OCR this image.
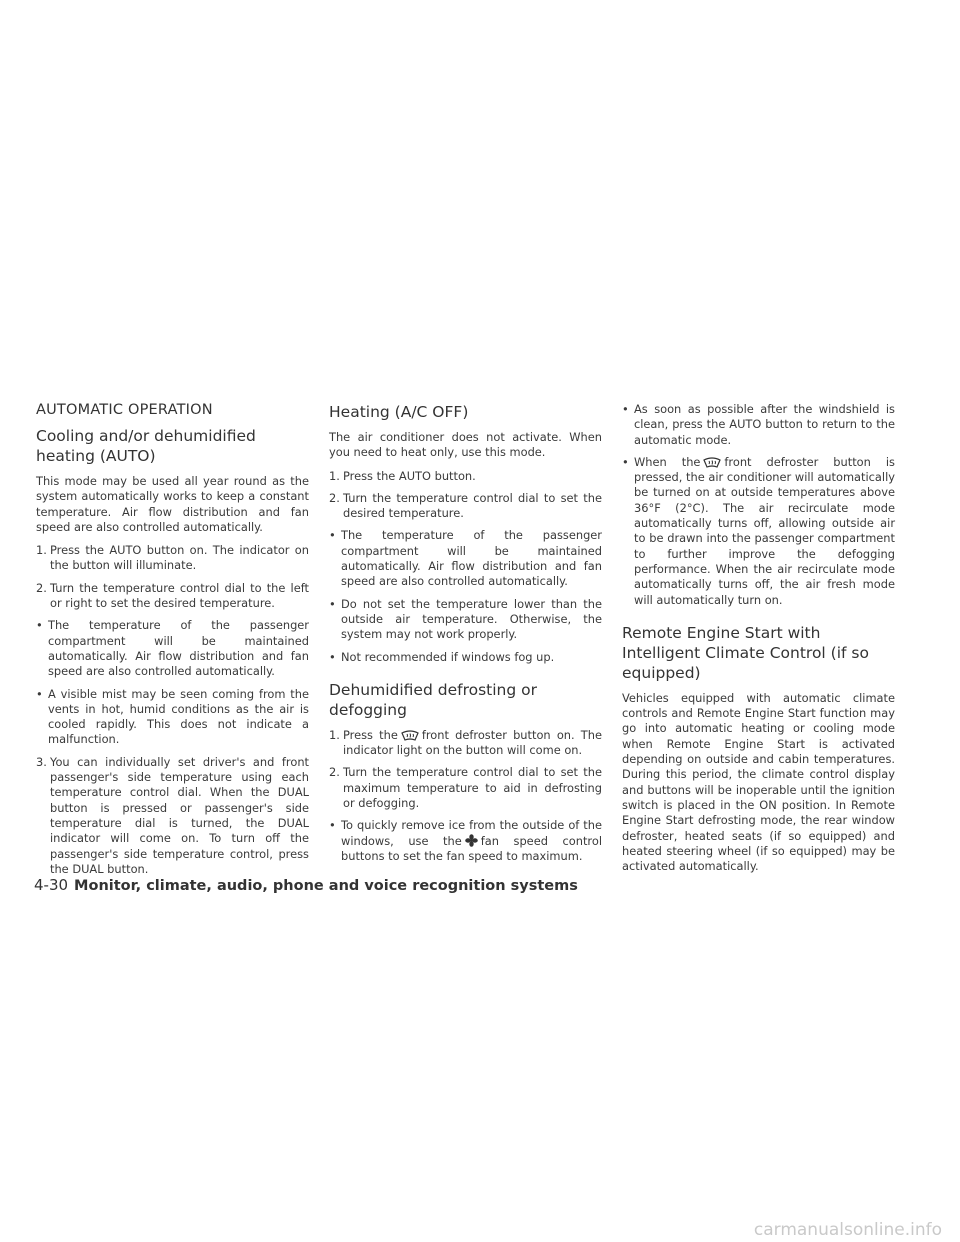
AUTOMATIC OPERATION
Cooling and/or dehumidified heating (AUTO)

This mode may be used all year round as the system automatically works to keep a constant temperature. Air flow distribution and fan speed are also controlled automatically.

1. Press the AUTO button on. The indicator on the button will illuminate.
2. Turn the temperature control dial to the left or right to set the desired temperature.
• The temperature of the passenger compartment will be maintained automatically. Air flow distribution and fan speed are also controlled automatically.
• A visible mist may be seen coming from the vents in hot, humid conditions as the air is cooled rapidly. This does not indicate a malfunction.
3. You can individually set driver's and front passenger's side temperature using each temperature control dial. When the DUAL button is pressed or passenger's side temperature dial is turned, the DUAL indicator will come on. To turn off the passenger's side temperature control, press the DUAL button.
Heating (A/C OFF)

The air conditioner does not activate. When you need to heat only, use this mode.

1. Press the AUTO button.
2. Turn the temperature control dial to set the desired temperature.
• The temperature of the passenger compartment will be maintained automatically. Air flow distribution and fan speed are also controlled automatically.
• Do not set the temperature lower than the outside air temperature. Otherwise, the system may not work properly.
• Not recommended if windows fog up.
Dehumidified defrosting or defogging
1. Press the front defroster button on. The indicator light on the button will come on.
2. Turn the temperature control dial to set the maximum temperature to aid in defrosting or defogging.
• To quickly remove ice from the outside of the windows, use the fan speed control buttons to set the fan speed to maximum.
• As soon as possible after the windshield is clean, press the AUTO button to return to the automatic mode.
• When the front defroster button is pressed, the air conditioner will automatically be turned on at outside temperatures above 36°F (2°C). The air recirculate mode automatically turns off, allowing outside air to be drawn into the passenger compartment to further improve the defogging performance. When the air recirculate mode automatically turns off, the air fresh mode will automatically turn on.
Remote Engine Start with Intelligent Climate Control (if so equipped)

Vehicles equipped with automatic climate controls and Remote Engine Start function may go into automatic heating or cooling mode when Remote Engine Start is activated depending on outside and cabin temperatures. During this period, the climate control display and buttons will be inoperable until the ignition switch is placed in the ON position. In Remote Engine Start defrosting mode, the rear window defroster, heated seats (if so equipped) and heated steering wheel (if so equipped) may be activated automatically.

4-30 Monitor, climate, audio, phone and voice recognition systems
carmanualsonline.info
